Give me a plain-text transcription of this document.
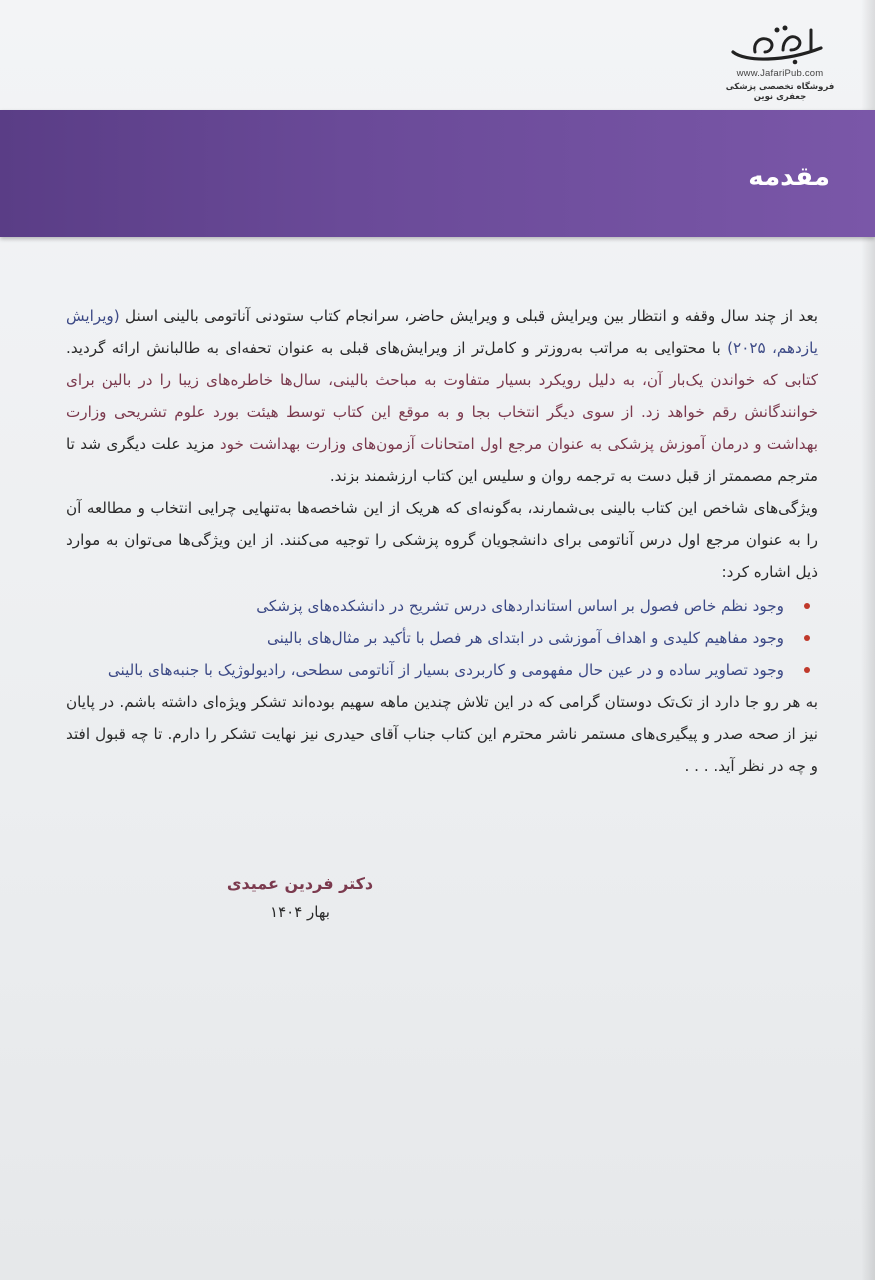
www.JafariPub.com
فروشگاه تخصصی پزشکی جعفری نوین
مقدمه

بعد از چند سال وقفه و انتظار بین ویرایش قبلی و ویرایش حاضر، سرانجام کتاب ستودنی آناتومی بالینی اسنل (ویرایش یازدهم، ۲۰۲۵) با محتوایی به مراتب به‌روزتر و کامل‌تر از ویرایش‌های قبلی به عنوان تحفه‌ای به طالبانش ارائه گردید. کتابی که خواندن یک‌بار آن، به دلیل رویکرد بسیار متفاوت به مباحث بالینی، سال‌ها خاطره‌های زیبا را در بالین برای خوانندگانش رقم خواهد زد. از سوی دیگر انتخاب بجا و به موقع این کتاب توسط هیئت بورد علوم تشریحی وزارت بهداشت و درمان آموزش پزشکی به عنوان مرجع اول امتحانات آزمون‌های وزارت بهداشت خود مزید علت دیگری شد تا مترجم مصممتر از قبل دست به ترجمه روان و سلیس این کتاب ارزشمند بزند.

ویژگی‌های شاخص این کتاب بالینی بی‌شمارند، به‌گونه‌ای که هریک از این شاخصه‌ها به‌تنهایی چرایی انتخاب و مطالعه آن را به عنوان مرجع اول درس آناتومی برای دانشجویان گروه پزشکی را توجیه می‌کنند. از این ویژگی‌ها می‌توان به موارد ذیل اشاره کرد:

وجود نظم خاص فصول بر اساس استانداردهای درس تشریح در دانشکده‌های پزشکی
وجود مفاهیم کلیدی و اهداف آموزشی در ابتدای هر فصل با تأکید بر مثال‌های بالینی
وجود تصاویر ساده و در عین حال مفهومی و کاربردی بسیار از آناتومی سطحی، رادیولوژیک با جنبه‌های بالینی

به هر رو جا دارد از تک‌تک دوستان گرامی که در این تلاش چندین ماهه سهیم بوده‌اند تشکر ویژه‌ای داشته باشم. در پایان نیز از صحه صدر و پیگیری‌های مستمر ناشر محترم این کتاب جناب آقای حیدری نیز نهایت تشکر را دارم. تا چه قبول افتد و چه در نظر آید. . . .

دکتر فردین عمیدی
بهار ۱۴۰۴
